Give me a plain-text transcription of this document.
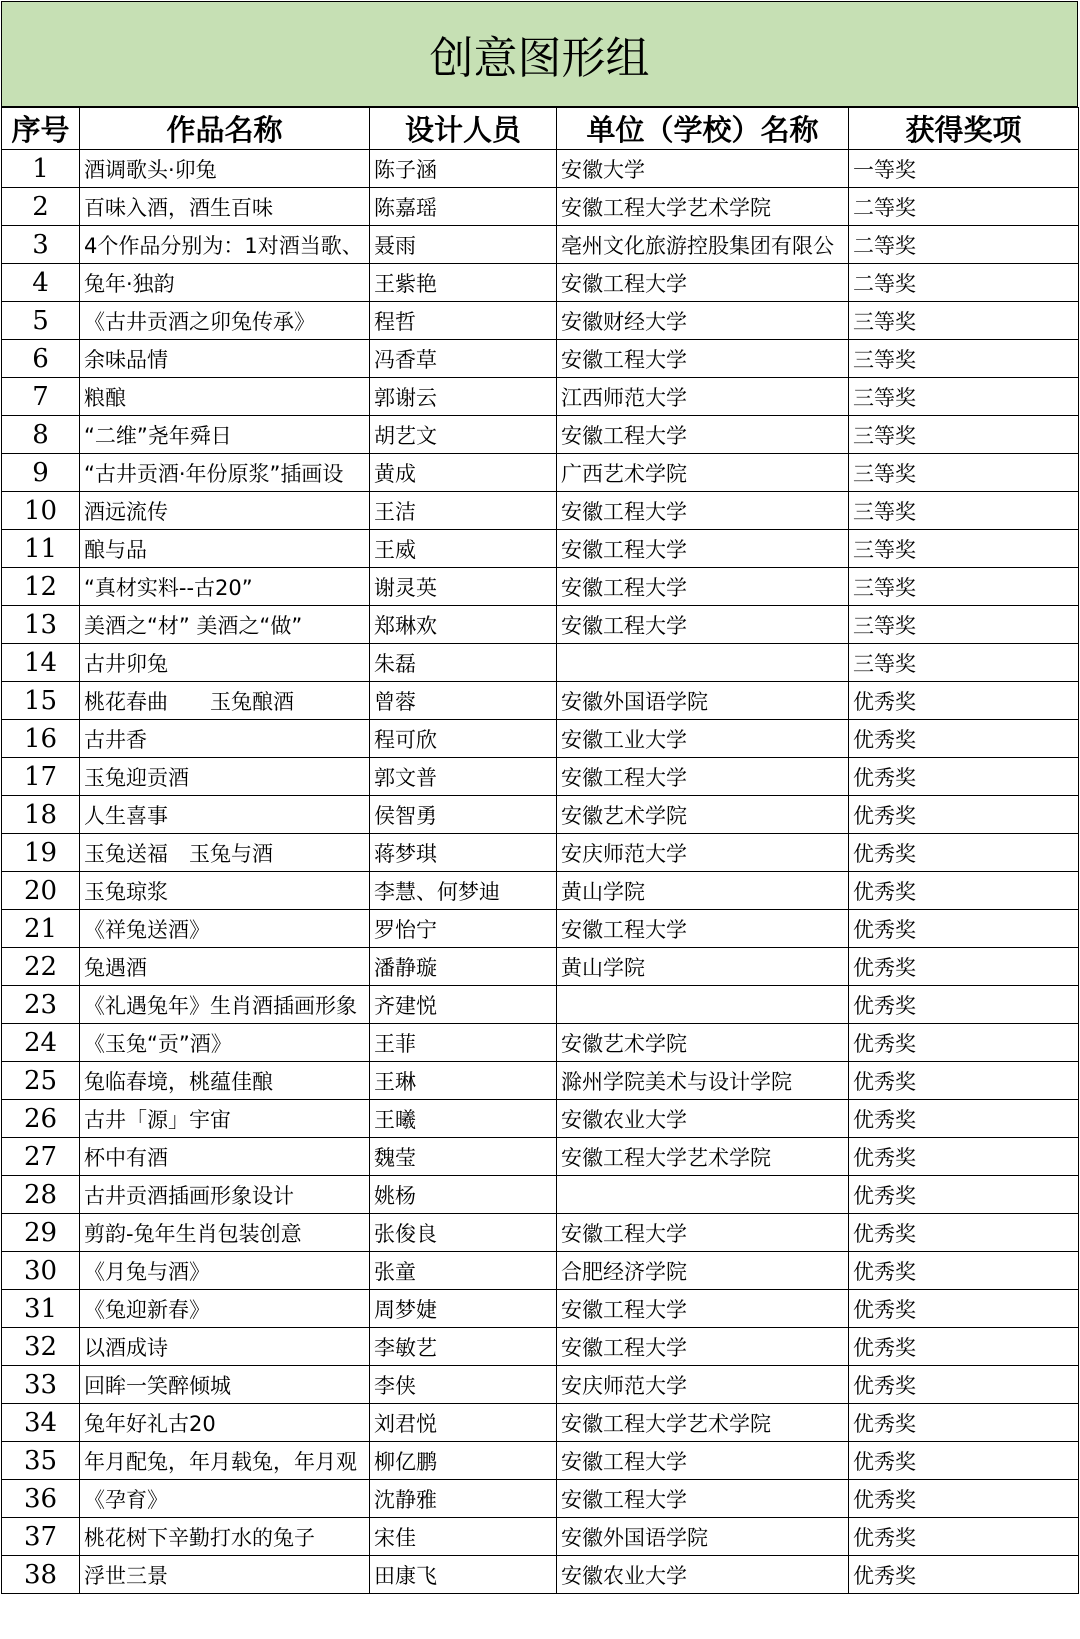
创意图形组
序号	作品名称	设计人员	单位（学校）名称	获得奖项
1	酒调歌头·卯兔	陈子涵	安徽大学	一等奖
2	百味入酒，酒生百味	陈嘉瑶	安徽工程大学艺术学院	二等奖
3	4个作品分别为：1对酒当歌、	聂雨	亳州文化旅游控股集团有限公	二等奖
4	兔年·独韵	王紫艳	安徽工程大学	二等奖
5	《古井贡酒之卯兔传承》	程哲	安徽财经大学	三等奖
6	余味品情	冯香草	安徽工程大学	三等奖
7	粮酿	郭谢云	江西师范大学	三等奖
8	“二维”尧年舜日	胡艺文	安徽工程大学	三等奖
9	“古井贡酒·年份原浆”插画设	黄成	广西艺术学院	三等奖
10	酒远流传	王洁	安徽工程大学	三等奖
11	酿与品	王威	安徽工程大学	三等奖
12	“真材实料--古20”	谢灵英	安徽工程大学	三等奖
13	美酒之“材” 美酒之“做”	郑琳欢	安徽工程大学	三等奖
14	古井卯兔	朱磊		三等奖
15	桃花春曲　　玉兔酿酒	曾蓉	安徽外国语学院	优秀奖
16	古井香	程可欣	安徽工业大学	优秀奖
17	玉兔迎贡酒	郭文普	安徽工程大学	优秀奖
18	人生喜事	侯智勇	安徽艺术学院	优秀奖
19	玉兔送福　玉兔与酒	蒋梦琪	安庆师范大学	优秀奖
20	玉兔琼浆	李慧、何梦迪	黄山学院	优秀奖
21	《祥兔送酒》	罗怡宁	安徽工程大学	优秀奖
22	兔遇酒	潘静璇	黄山学院	优秀奖
23	《礼遇兔年》生肖酒插画形象	齐建悦		优秀奖
24	《玉兔“贡”酒》	王菲	安徽艺术学院	优秀奖
25	兔临春境，桃蕴佳酿	王琳	滁州学院美术与设计学院	优秀奖
26	古井「源」宇宙	王曦	安徽农业大学	优秀奖
27	杯中有酒	魏莹	安徽工程大学艺术学院	优秀奖
28	古井贡酒插画形象设计	姚杨		优秀奖
29	剪韵-兔年生肖包装创意	张俊良	安徽工程大学	优秀奖
30	《月兔与酒》	张童	合肥经济学院	优秀奖
31	《兔迎新春》	周梦婕	安徽工程大学	优秀奖
32	以酒成诗	李敏艺	安徽工程大学	优秀奖
33	回眸一笑醉倾城	李侠	安庆师范大学	优秀奖
34	兔年好礼古20	刘君悦	安徽工程大学艺术学院	优秀奖
35	年月配兔，年月载兔，年月观	柳亿鹏	安徽工程大学	优秀奖
36	《孕育》	沈静雅	安徽工程大学	优秀奖
37	桃花树下辛勤打水的兔子	宋佳	安徽外国语学院	优秀奖
38	浮世三景	田康飞	安徽农业大学	优秀奖
